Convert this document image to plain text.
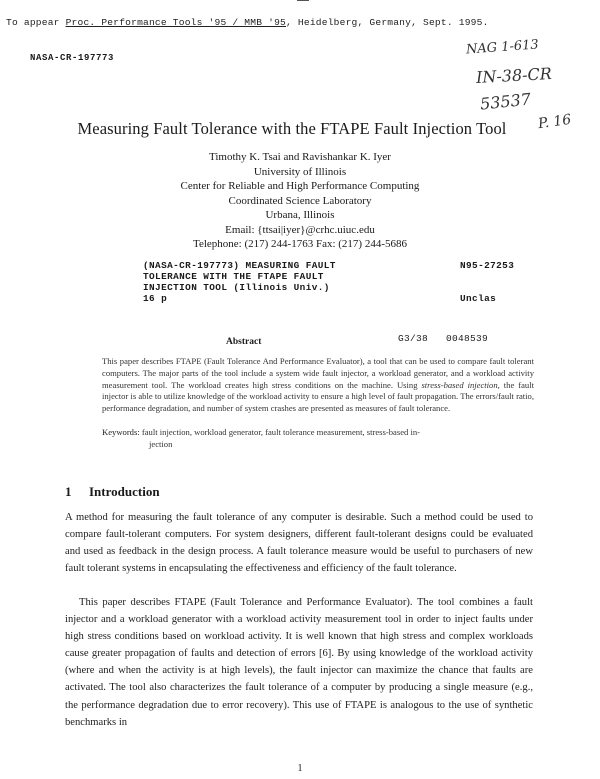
To appear Proc. Performance Tools '95 / MMB '95, Heidelberg, Germany, Sept. 1995.
NASA-CR-197773
NAG 1-613
IN-38-CR
53537
P. 16
Measuring Fault Tolerance with the FTAPE Fault Injection Tool
Timothy K. Tsai and Ravishankar K. Iyer
University of Illinois
Center for Reliable and High Performance Computing
Coordinated Science Laboratory
Urbana, Illinois
Email: {ttsai|iyer}@crhc.uiuc.edu
Telephone: (217) 244-1763 Fax: (217) 244-5686
(NASA-CR-197773) MEASURING FAULT	N95-27253
TOLERANCE WITH THE FTAPE FAULT
INJECTION TOOL (Illinois Univ.)
16 p	Unclas
Abstract	G3/38   0048539
This paper describes FTAPE (Fault Tolerance And Performance Evaluator), a tool that can be used to compare fault tolerant computers. The major parts of the tool include a system wide fault injector, a workload generator, and a workload activity measurement tool. The workload creates high stress conditions on the machine. Using stress-based injection, the fault injector is able to utilize knowledge of the workload activity to ensure a high level of fault propagation. The errors/fault ratio, performance degradation, and number of system crashes are presented as measures of fault tolerance.
Keywords: fault injection, workload generator, fault tolerance measurement, stress-based in-
jection
1 Introduction
A method for measuring the fault tolerance of any computer is desirable. Such a method could be used to compare fault-tolerant computers. For system designers, different fault-tolerant designs could be evaluated and used as feedback in the design process. A fault tolerance measure would be useful to purchasers of new fault tolerant systems in encapsulating the effectiveness and efficiency of the fault tolerance.
This paper describes FTAPE (Fault Tolerance and Performance Evaluator). The tool combines a fault injector and a workload generator with a workload activity measurement tool in order to inject faults under high stress conditions based on workload activity. It is well known that high stress and complex workloads cause greater propagation of faults and detection of errors [6]. By using knowledge of the workload activity (where and when the activity is at high levels), the fault injector can maximize the chance that faults are activated. The tool also characterizes the fault tolerance of a computer by producing a single measure (e.g., the performance degradation due to error recovery). This use of FTAPE is analogous to the use of synthetic benchmarks in
1
